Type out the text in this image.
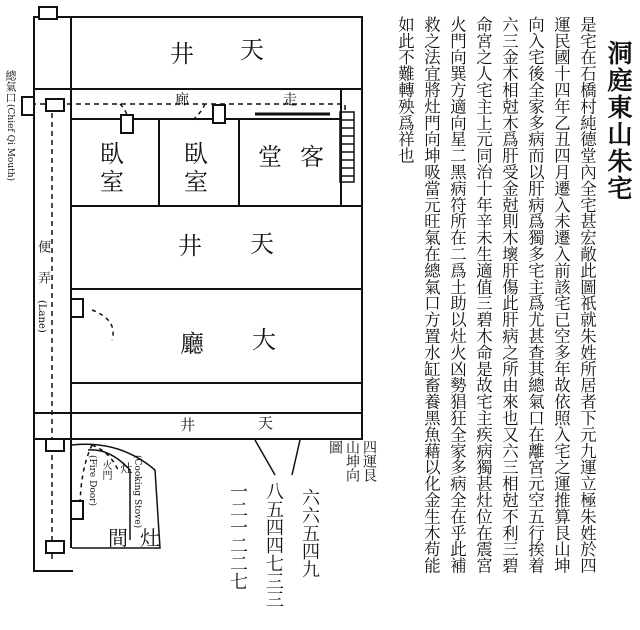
天
井
走
廊
臥
室
臥
室
客
堂
天
井
大
廳
天
井
灶
間
便弄
(Lane)
總氣口
(Chief Qi Mouth)
火門
(Fire Door) 灶 (Cooking Stove)	四運艮
山坤向
圖
六六五四九
八五四四七三三
一二一二二七
洞庭東山朱宅
是宅在石橋村純德堂內全宅甚宏敞此圖祇就朱姓所居者下元九運立極朱姓於四
運民國十四年乙丑四月遷入未遷入前該宅已空多年故依照入宅之運推算艮山坤
向入宅後全家多病而以肝病爲獨多宅主爲尤甚查其總氣口在離宮元空五行挨着
六三金木相尅木爲肝受金尅則木壞肝傷此肝病之所由來也又六三相尅不利三碧
命宮之人宅主上元同治十年辛未生適值三碧木命是故宅主疾病獨甚灶位在震宮
火門向巽方適向星二黑病符所在二爲土助以灶火凶勢猖狂全家多病全在乎此補
救之法宜將灶門向坤吸當元旺氣在總氣口方置水缸畜養黑魚藉以化金生木苟能
如此不難轉殃爲祥也
